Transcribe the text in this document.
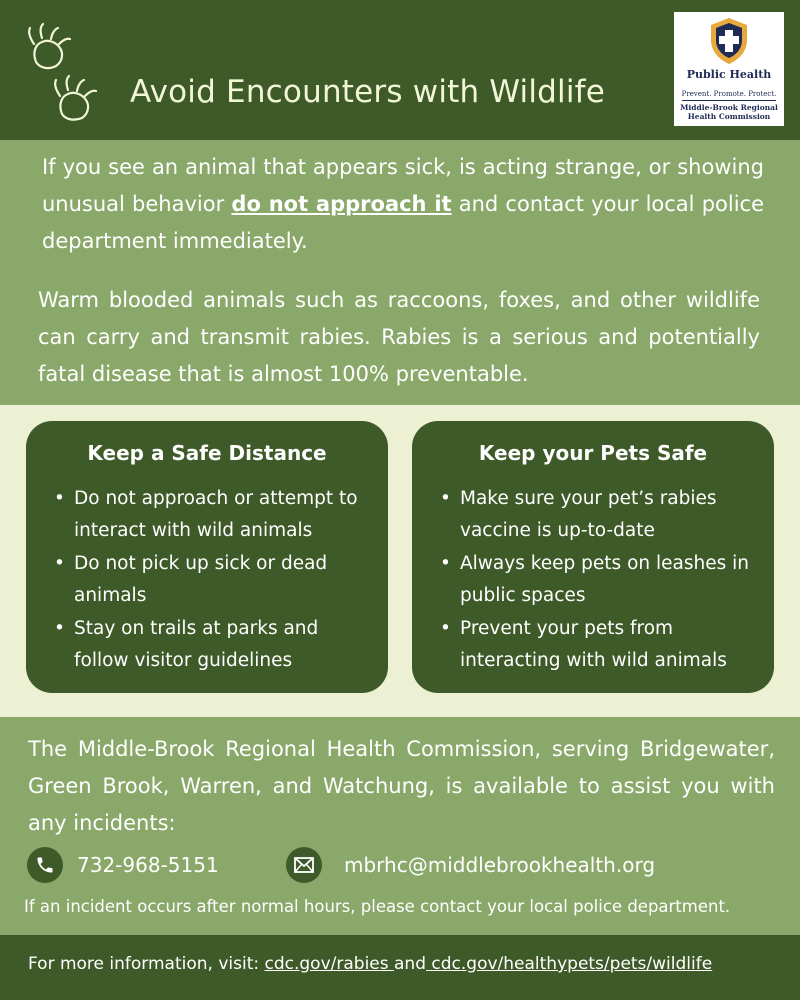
Avoid Encounters with Wildlife	Public Health
Prevent. Promote. Protect.
Middle-Brook Regional
Health Commission

If you see an animal that appears sick, is acting strange, or showing unusual behavior do not approach it and contact your local police department immediately.

Warm blooded animals such as raccoons, foxes, and other wildlife can carry and transmit rabies. Rabies is a serious and potentially fatal disease that is almost 100% preventable.

Keep a Safe Distance
• Do not approach or attempt to interact with wild animals
• Do not pick up sick or dead animals
• Stay on trails at parks and follow visitor guidelines
Keep your Pets Safe
• Make sure your pet’s rabies vaccine is up-to-date
• Always keep pets on leashes in public spaces
• Prevent your pets from interacting with wild animals
The Middle-Brook Regional Health Commission, serving Bridgewater, Green Brook, Warren, and Watchung, is available to assist you with any incidents:
732-968-5151	mbrhc@middlebrookhealth.org
If an incident occurs after normal hours, please contact your local police department.
For more information, visit: cdc.gov/rabies and cdc.gov/healthypets/pets/wildlife
